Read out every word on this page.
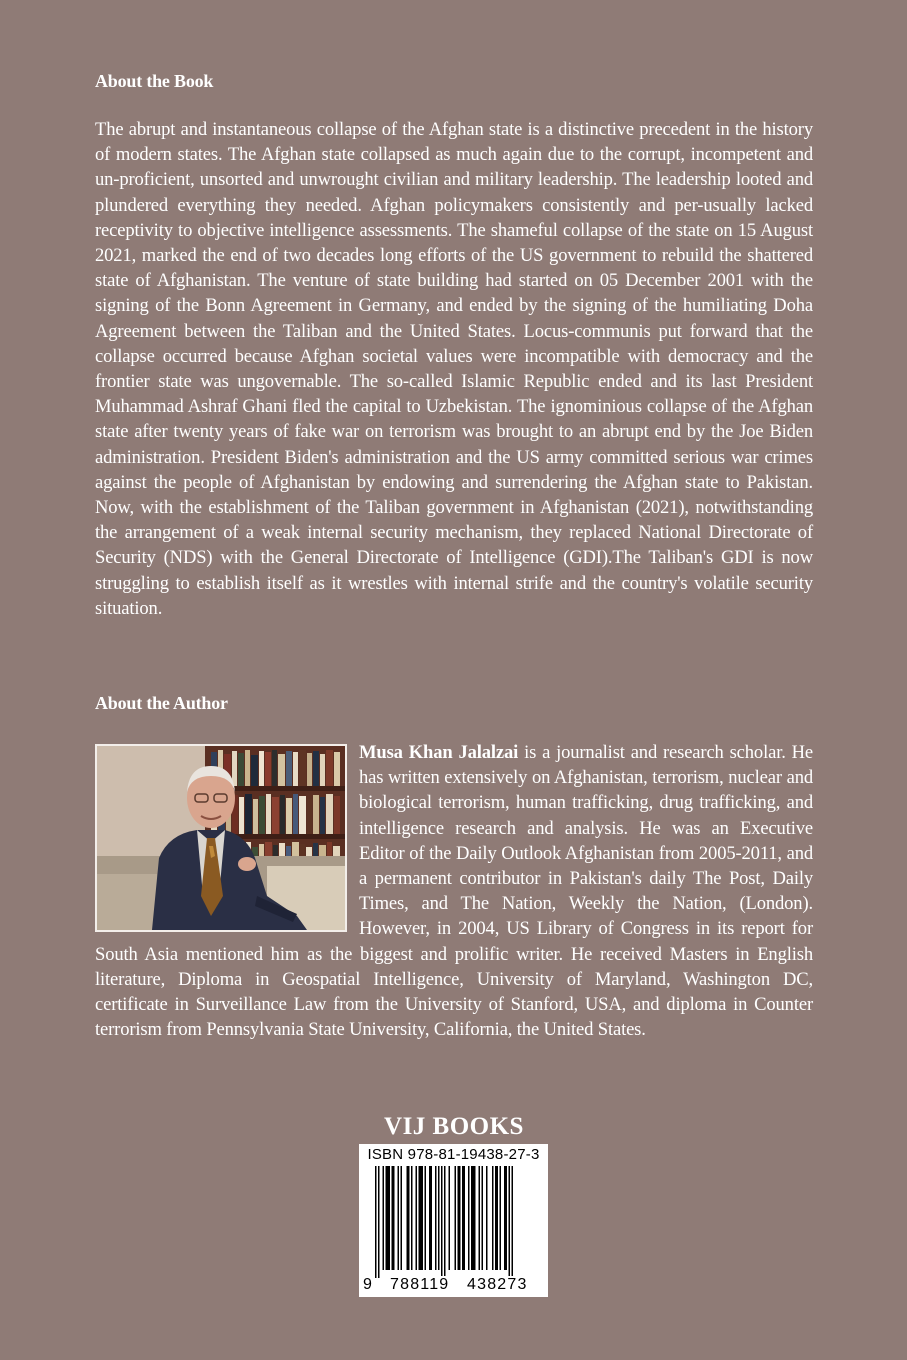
About the Book

The abrupt and instantaneous collapse of the Afghan state is a distinctive precedent in the history of modern states. The Afghan state collapsed as much again due to the corrupt, incompetent and un-proficient, unsorted and unwrought civilian and military leadership. The leadership looted and plundered everything they needed. Afghan policymakers consistently and per-usually lacked receptivity to objective intelligence assessments. The shameful collapse of the state on 15 August 2021, marked the end of two decades long efforts of the US government to rebuild the shattered state of Afghanistan. The venture of state building had started on 05 December 2001 with the signing of the Bonn Agreement in Germany, and ended by the signing of the humiliating Doha Agreement between the Taliban and the United States. Locus-communis put forward that the collapse occurred because Afghan societal values were incompatible with democracy and the frontier state was ungovernable. The so-called Islamic Republic ended and its last President Muhammad Ashraf Ghani fled the capital to Uzbekistan. The ignominious collapse of the Afghan state after twenty years of fake war on terrorism was brought to an abrupt end by the Joe Biden administration. President Biden's administration and the US army committed serious war crimes against the people of Afghanistan by endowing and surrendering the Afghan state to Pakistan. Now, with the establishment of the Taliban government in Afghanistan (2021), notwithstanding the arrangement of a weak internal security mechanism, they replaced National Directorate of Security (NDS) with the General Directorate of Intelligence (GDI).The Taliban's GDI is now struggling to establish itself as it wrestles with internal strife and the country's volatile security situation.

About the Author
Musa Khan Jalalzai is a journalist and research scholar. He has written extensively on Afghanistan, terrorism, nuclear and biological terrorism, human trafficking, drug trafficking, and intelligence research and analysis. He was an Executive Editor of the Daily Outlook Afghanistan from 2005-2011, and a permanent contributor in Pakistan's daily The Post, Daily Times, and The Nation, Weekly the Nation, (London). However, in 2004, US Library of Congress in its report for South Asia mentioned him as the biggest and prolific writer. He received Masters in English literature, Diploma in Geospatial Intelligence, University of Maryland, Washington DC, certificate in Surveillance Law from the University of Stanford, USA, and diploma in Counter terrorism from Pennsylvania State University, California, the United States.
VIJ BOOKS
ISBN 978-81-19438-27-3
9 788119 438273
